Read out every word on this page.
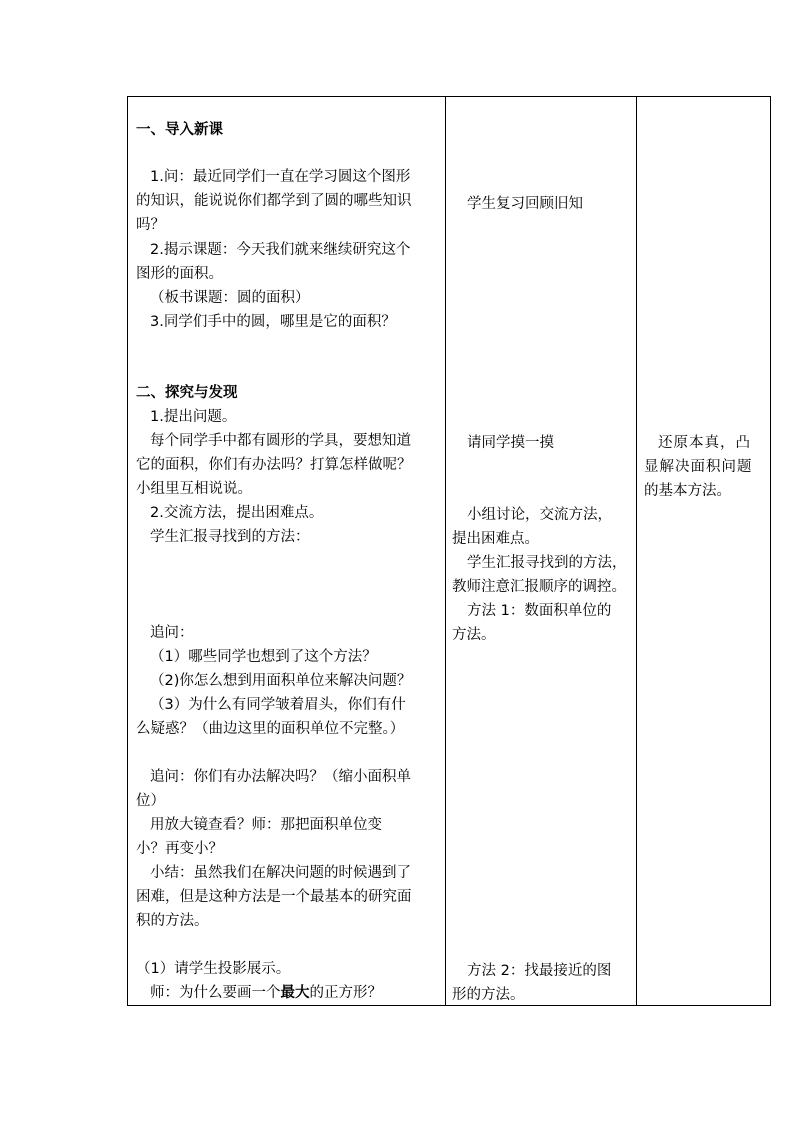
一、导入新课
1.问：最近同学们一直在学习圆这个图形
的知识，能说说你们都学到了圆的哪些知识
吗？
2.揭示课题：今天我们就来继续研究这个
图形的面积。
（板书课题：圆的面积）
3.同学们手中的圆，哪里是它的面积？
二、探究与发现
1.提出问题。
每个同学手中都有圆形的学具，要想知道
它的面积，你们有办法吗？打算怎样做呢？
小组里互相说说。
2.交流方法，提出困难点。
学生汇报寻找到的方法：
追问：
（1）哪些同学也想到了这个方法？
（2)你怎么想到用面积单位来解决问题？
（3）为什么有同学皱着眉头，你们有什
么疑惑？（曲边这里的面积单位不完整。）
追问：你们有办法解决吗？（缩小面积单
位）
用放大镜查看？师：那把面积单位变
小？再变小？
小结：虽然我们在解决问题的时候遇到了
困难，但是这种方法是一个最基本的研究面
积的方法。
（1）请学生投影展示。
师：为什么要画一个最大的正方形？
学生复习回顾旧知
请同学摸一摸
小组讨论，交流方法，
提出困难点。
学生汇报寻找到的方法，
教师注意汇报顺序的调控。
方法 1：数面积单位的
方法。
方法 2：找最接近的图
形的方法。
还原本真，凸
显解决面积问题
的基本方法。
